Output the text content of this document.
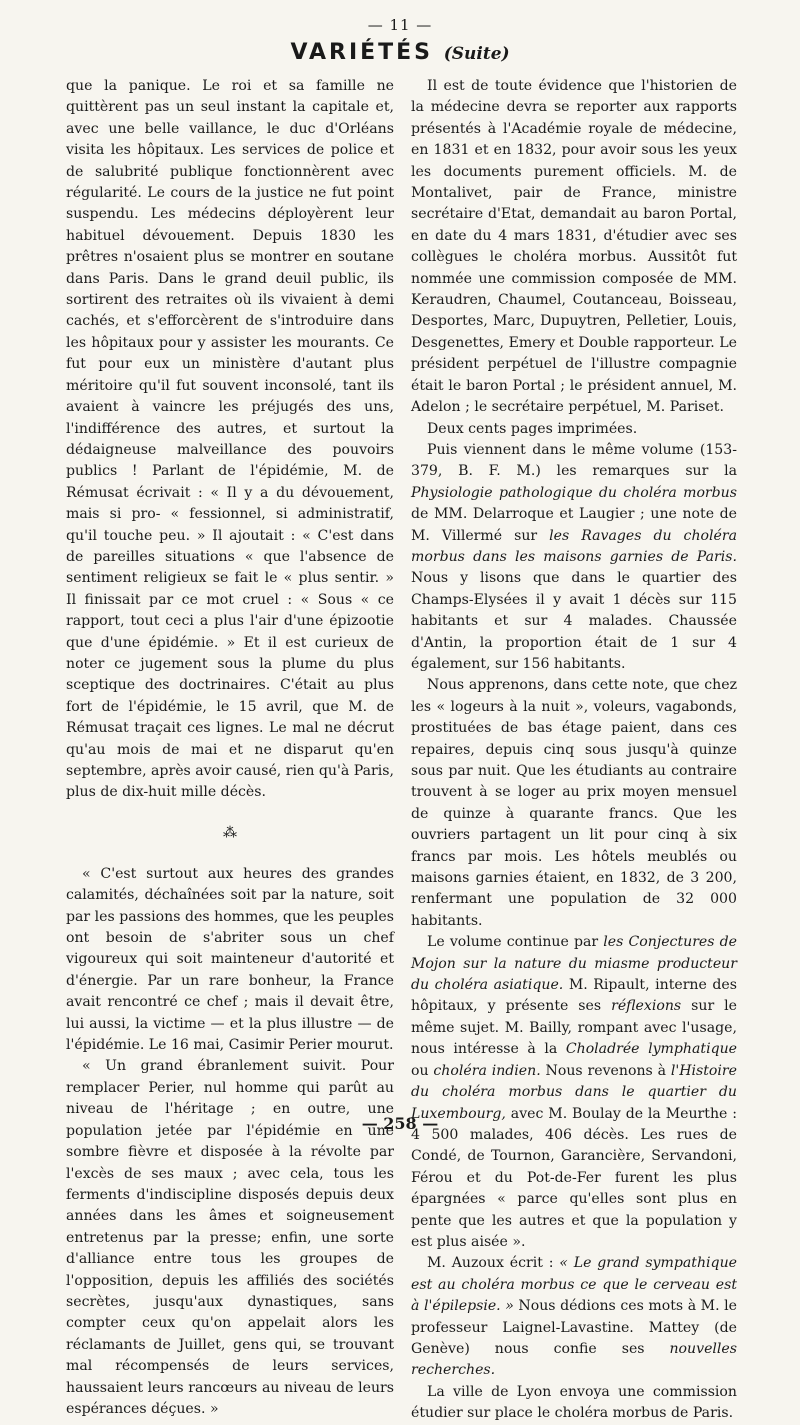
— 11 —
VARIÉTÉS (Suite)

que la panique. Le roi et sa famille ne quittèrent pas un seul instant la capitale et, avec une belle vaillance, le duc d'Orléans visita les hôpitaux. Les services de police et de salubrité publique fonctionnèrent avec régularité. Le cours de la justice ne fut point suspendu. Les médecins déployèrent leur habituel dévouement. Depuis 1830 les prêtres n'osaient plus se montrer en soutane dans Paris. Dans le grand deuil public, ils sortirent des retraites où ils vivaient à demi cachés, et s'efforcèrent de s'introduire dans les hôpitaux pour y assister les mourants. Ce fut pour eux un ministère d'autant plus méritoire qu'il fut souvent inconsolé, tant ils avaient à vaincre les préjugés des uns, l'indifférence des autres, et surtout la dédaigneuse malveillance des pouvoirs publics ! Parlant de l'épidémie, M. de Rémusat écrivait : « Il y a du dévouement, mais si pro- « fessionnel, si administratif, qu'il touche peu. » Il ajoutait : « C'est dans de pareilles situations « que l'absence de sentiment religieux se fait le « plus sentir. » Il finissait par ce mot cruel : « Sous « ce rapport, tout ceci a plus l'air d'une épizootie que d'une épidémie. » Et il est curieux de noter ce jugement sous la plume du plus sceptique des doctrinaires. C'était au plus fort de l'épidémie, le 15 avril, que M. de Rémusat traçait ces lignes. Le mal ne décrut qu'au mois de mai et ne disparut qu'en septembre, après avoir causé, rien qu'à Paris, plus de dix-huit mille décès.

⁂

« C'est surtout aux heures des grandes calamités, déchaînées soit par la nature, soit par les passions des hommes, que les peuples ont besoin de s'abriter sous un chef vigoureux qui soit mainteneur d'autorité et d'énergie. Par un rare bonheur, la France avait rencontré ce chef ; mais il devait être, lui aussi, la victime — et la plus illustre — de l'épidémie. Le 16 mai, Casimir Perier mourut.

« Un grand ébranlement suivit. Pour remplacer Perier, nul homme qui parût au niveau de l'héritage ; en outre, une population jetée par l'épidémie en une sombre fièvre et disposée à la révolte par l'excès de ses maux ; avec cela, tous les ferments d'indiscipline disposés depuis deux années dans les âmes et soigneusement entretenus par la presse; enfin, une sorte d'alliance entre tous les groupes de l'opposition, depuis les affiliés des sociétés secrètes, jusqu'aux dynastiques, sans compter ceux qu'on appelait alors les réclamants de Juillet, gens qui, se trouvant mal récompensés de leurs services, haussaient leurs rancœurs au niveau de leurs espérances déçues. »

Il est de toute évidence que l'historien de la médecine devra se reporter aux rapports présentés à l'Académie royale de médecine, en 1831 et en 1832, pour avoir sous les yeux les documents purement officiels. M. de Montalivet, pair de France, ministre secrétaire d'Etat, demandait au baron Portal, en date du 4 mars 1831, d'étudier avec ses collègues le choléra morbus. Aussitôt fut nommée une commission composée de MM. Keraudren, Chaumel, Coutanceau, Boisseau, Desportes, Marc, Dupuytren, Pelletier, Louis, Desgenettes, Emery et Double rapporteur. Le président perpétuel de l'illustre compagnie était le baron Portal ; le président annuel, M. Adelon ; le secrétaire perpétuel, M. Pariset.

Deux cents pages imprimées.

Puis viennent dans le même volume (153-379, B. F. M.) les remarques sur la Physiologie pathologique du choléra morbus de MM. Delarroque et Laugier ; une note de M. Villermé sur les Ravages du choléra morbus dans les maisons garnies de Paris. Nous y lisons que dans le quartier des Champs-Elysées il y avait 1 décès sur 115 habitants et sur 4 malades. Chaussée d'Antin, la proportion était de 1 sur 4 également, sur 156 habitants.

Nous apprenons, dans cette note, que chez les « logeurs à la nuit », voleurs, vagabonds, prostituées de bas étage paient, dans ces repaires, depuis cinq sous jusqu'à quinze sous par nuit. Que les étudiants au contraire trouvent à se loger au prix moyen mensuel de quinze à quarante francs. Que les ouvriers partagent un lit pour cinq à six francs par mois. Les hôtels meublés ou maisons garnies étaient, en 1832, de 3 200, renfermant une population de 32 000 habitants.

Le volume continue par les Conjectures de Mojon sur la nature du miasme producteur du choléra asiatique. M. Ripault, interne des hôpitaux, y présente ses réflexions sur le même sujet. M. Bailly, rompant avec l'usage, nous intéresse à la Choladrée lymphatique ou choléra indien. Nous revenons à l'Histoire du choléra morbus dans le quartier du Luxembourg, avec M. Boulay de la Meurthe : 4 500 malades, 406 décès. Les rues de Condé, de Tournon, Garancière, Servandoni, Férou et du Pot-de-Fer furent les plus épargnées « parce qu'elles sont plus en pente que les autres et que la population y est plus aisée ».

M. Auzoux écrit : « Le grand sympathique est au choléra morbus ce que le cerveau est à l'épilepsie. » Nous dédions ces mots à M. le professeur Laignel-Lavastine. Mattey (de Genève) nous confie ses nouvelles recherches.

La ville de Lyon envoya une commission étudier sur place le choléra morbus de Paris.

— 258 —
